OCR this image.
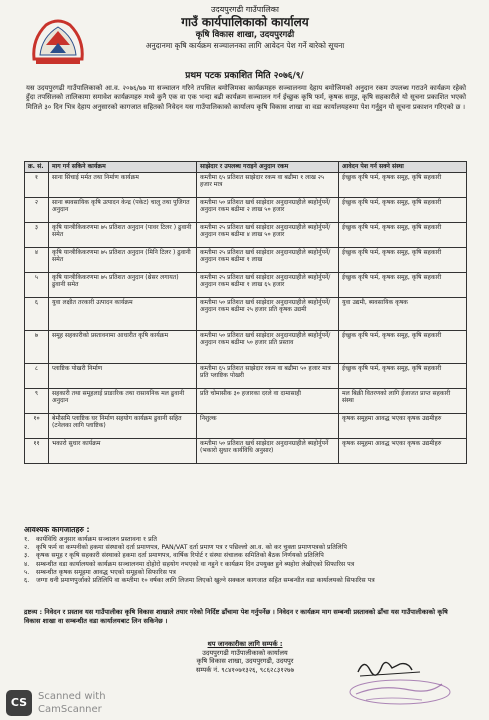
उदयपुरगढी गाउँपालिका
गाउँ कार्यपालिकाको कार्यालय
कृषि विकास शाखा, उदयपुरगढी
अनुदानमा कृषि कार्यक्रम सञ्चालनका लागि आवेदन पेश गर्ने बारेको सूचना
प्रथम पटक प्रकाशित मिति २०७६/९/
यस उदयपुरगढी गाउँपालिकाको आ.व. २०७६/७७ मा सञ्चालन गरिने तपसिल बमोजिमका कार्यक्रमहरु सञ्चालनमा देहाय बमोजिमको अनुदान रकम उपलब्ध गराउने कार्यक्रम रहेको हुँदा तपसिलको तालिकामा समावेश कार्यक्रमहरु मध्ये कुनै एक वा एक भन्दा बढी कार्यक्रम सञ्चालन गर्न ईच्छुक कृषि फर्म, कृषक समूह, कृषि सहकारीले यो सूचना प्रकाशित भएको मितिले ३० दिन भित्र देहाय अनुसारको कागजात सहितको निवेदन यस गाउँपालिकाको कार्यालय कृषि विकास शाखा वा वडा कार्यालयहरुमा पेश गर्नुहुन यो सूचना प्रकाशन गरिएको छ ।
क्र. सं.	माग गर्न सकिने कार्यक्रम	साझेदार र उपलब्ध गराइने अनुदान रकम	आवेदन पेश गर्न सक्ने संस्था
१	साना सिंचाई मर्मत तथा निर्माण कार्यक्रम	कम्तीमा ६५ प्रतिशत साझेदार रकम वा बढीमा १ लाख २५ हजार मात्र	ईच्छुक कृषि फर्म, कृषक समूह, कृषि सहकारी
२	साना ब्यवसायिक कृषि उत्पादन केन्द्र (पकेट) चालु तथा पुजिगत अनुदान	कम्तीमा ५० प्रतिशत खर्च साझेदार अनुदानग्राहीले ब्यहोर्नुपर्ने/अनुदान रकम बढीमा २ लाख ५० हजार	ईच्छुक कृषि फर्म, कृषक समूह, कृषि सहकारी
३	कृषि यान्त्रीकिकरणमा ७५ प्रतिशत अनुदान (पावर टिलर ) ढुवानी समेत	कम्तीमा २५ प्रतिशत खर्च साझेदार अनुदानग्राहीले ब्यहोर्नुपर्ने/अनुदान रकम बढीमा ४ लाख ५० हजार	ईच्छुक कृषि फर्म, कृषक समूह, कृषि सहकारी
४	कृषि यान्त्रीकिकरणमा ७५ प्रतिशत अनुदान (मिनि टिलर ) ढुवानी समेत	कम्तीमा २५ प्रतिशत खर्च साझेदार अनुदानग्राहीले ब्यहोर्नुपर्ने/अनुदान रकम बढीमा १ लाख	ईच्छुक कृषि फर्म, कृषक समूह, कृषि सहकारी
५	कृषि यान्त्रीकिकरणमा ७५ प्रतिशत अनुदान (थ्रेसर लगायत) ढुवानी समेत	कम्तीमा २५ प्रतिशत खर्च साझेदार अनुदानग्राहीले ब्यहोर्नुपर्ने/अनुदान रकम बढीमा १ लाख ६५ हजार	ईच्छुक कृषि फर्म, कृषक समूह, कृषि सहकारी
६	युवा लक्षीत तरकारी उत्पादन कार्यक्रम	कम्तीमा ५० प्रतिशत खर्च साझेदार अनुदानग्राहीले ब्यहोर्नुपर्ने/अनुदान रकम बढीमा २५ हजार प्रति कृषक उद्यमी	युवा उद्यमी, ब्यवसायिक कृषक
७	समूह सहकारीको प्रस्तावनामा आधारीत कृषि कार्यक्रम	कम्तीमा ५० प्रतिशत खर्च साझेदार अनुदानग्राहीले ब्यहोर्नुपर्ने/अनुदान रकम बढीमा ५० हजार प्रति प्रस्ताव	ईच्छुक कृषि फर्म, कृषक समूह, कृषि सहकारी
८	प्लाष्टिक पोखरी निर्माण	कम्तीमा ६५ प्रतिशत साझेदार रकम वा बढीमा ५० हजार मात्र प्रति प्लाष्टिक पोखरी	ईच्छुक कृषि फर्म, कृषक समूह, कृषि सहकारी
९	सहकारी तथा समूहलाई प्राङारिक तथा रासायनिक मल ढुवानी अनुदान	प्रति चोमासीक ३० हजारका दरले वा दामासाही	मल बिक्री वितरणको लागि ईजाजत प्राप्त सहकारी संस्था
१०	बेमौसमि प्लाष्टिक घर निर्माण सहयोग कार्यक्रम ढुवानी सहित (टनेलका लागि प्लाष्टिक)	निशुल्क	कृषक समूहमा आवद्ध भएका कृषक उद्यमीहरु
११	भकारो सुधार कार्यक्रम	कम्तीमा ५० प्रतिशत खर्च साझेदार अनुदानग्राहीले ब्यहोर्नुपर्ने (भकारो सुधार कार्यविधि अनुसार)	कृषक समूहमा आवद्ध भएका कृषक उद्यमीहरु
आवश्यक कागजातहरु :
१. कार्यविधि अनुसार कार्यक्रम सञ्चालन प्रस्तावना १ प्रति
२. कृषि फर्म वा कम्पनीको हकमा संस्थाको दर्ता प्रमाणपत्र, PAN/VAT दर्ता प्रमाण पत्र र पछिल्लो आ.व. को कर चुक्ता प्रमाणपत्रको प्रतिलिपि
३. कृषक समूह र कृषि सहकारी संस्थाको हकमा दर्ता प्रमाणपत्र, वार्षिक रिपोर्ट र संस्था संचालक समितिको बैठक निर्णयको प्रतिलिपि
४. सम्बन्धीत वडा कार्यालयको कार्यक्रम सञ्चालनमा दोहोरो सहयोग नभएको वा नहुने र कार्यक्रम दिन उपयुक्त हुने ब्यहोरा लेखीएको सिफारिस पत्र
५. सम्बन्धीत कृषक समूहमा आवद्ध भएको समूहको सिफारिस पत्र
६. जग्गा धनी प्रमाणपुर्जाको प्रतिलिपि वा कम्तीमा १० वर्षका लागि लिजमा लिएको खुल्ने सक्कल कागजात सहित सम्बन्धीत वडा कार्यालयको सिफारिस पत्र
द्रष्टव्य : निवेदन र प्रस्ताव यस गाउँपालीका कृषि विकास शाखाले तयार गरेको निर्दिष्ट ढाँचामा पेश गर्नुपर्नेछ । निवेदन र कार्यक्रम माग सम्बन्धी प्रस्तावको ढाँचा यस गाउँपालीकाको कृषि विकास शाखा वा सम्बन्धीत वडा कार्यालयबाट लिन सकिनेछ ।
थप जानकारीका लागि सम्पर्क :
उदयपुरगढी गाउँपालीकाको कार्यालय
कृषि विकास शाखा, उदयपुरगढी, उदयपुर
सम्पर्क नं. ९८४१०७१३२६, ९८६२८३१२७७
CS	Scanned with
CamScanner
